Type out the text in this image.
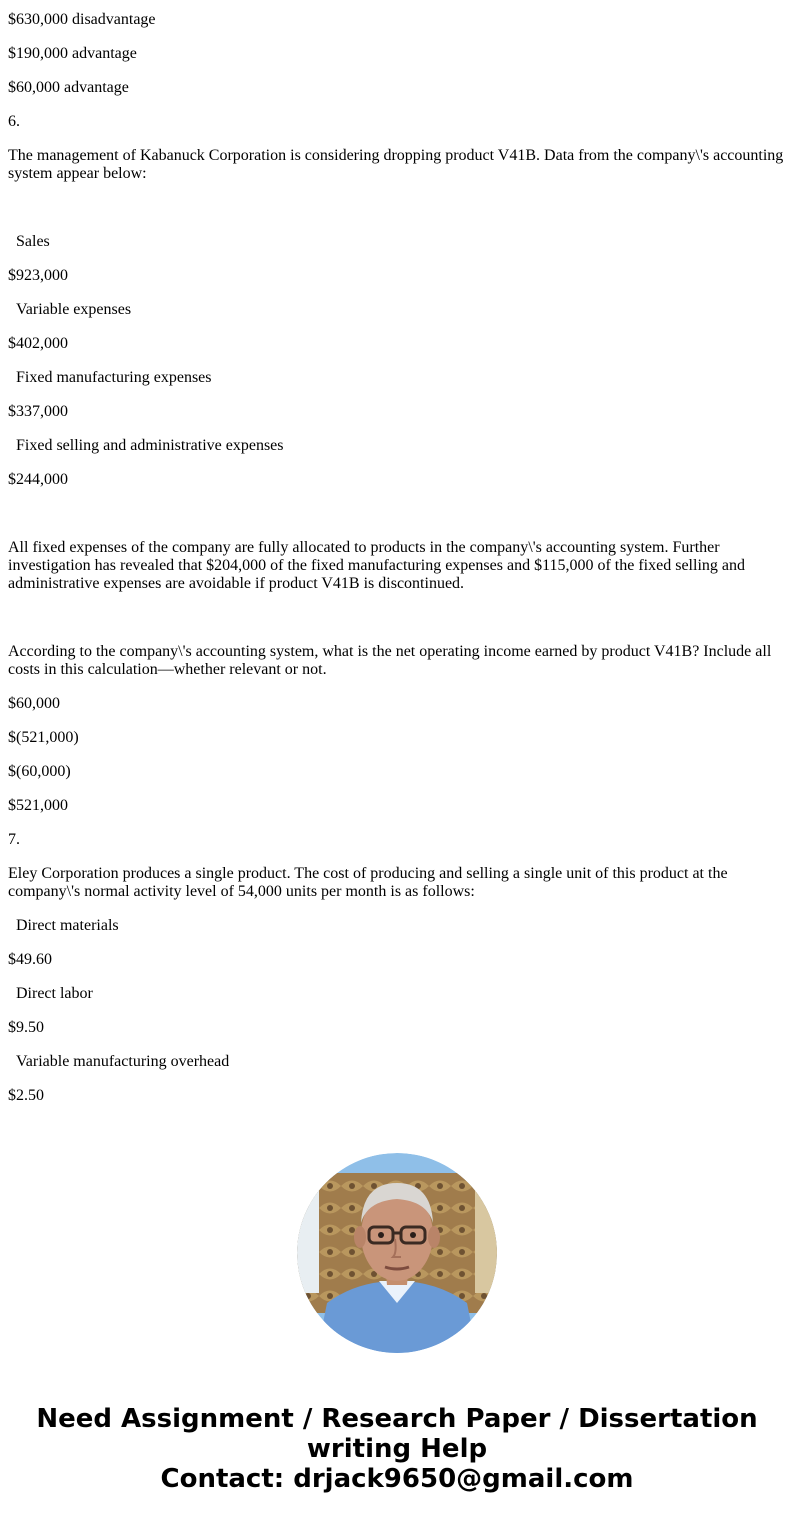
$630,000 disadvantage

$190,000 advantage

$60,000 advantage

6.

The management of Kabanuck Corporation is considering dropping product V41B. Data from the company\'s accounting system appear below:

Sales

$923,000

Variable expenses

$402,000

Fixed manufacturing expenses

$337,000

Fixed selling and administrative expenses

$244,000

All fixed expenses of the company are fully allocated to products in the company\'s accounting system. Further investigation has revealed that $204,000 of the fixed manufacturing expenses and $115,000 of the fixed selling and administrative expenses are avoidable if product V41B is discontinued.

According to the company\'s accounting system, what is the net operating income earned by product V41B? Include all costs in this calculation—whether relevant or not.

$60,000

$(521,000)

$(60,000)

$521,000

7.

Eley Corporation produces a single product. The cost of producing and selling a single unit of this product at the company\'s normal activity level of 54,000 units per month is as follows:

Direct materials

$49.60

Direct labor

$9.50

Variable manufacturing overhead

$2.50

Need Assignment / Research Paper / Dissertation
writing Help
Contact: drjack9650@gmail.com
